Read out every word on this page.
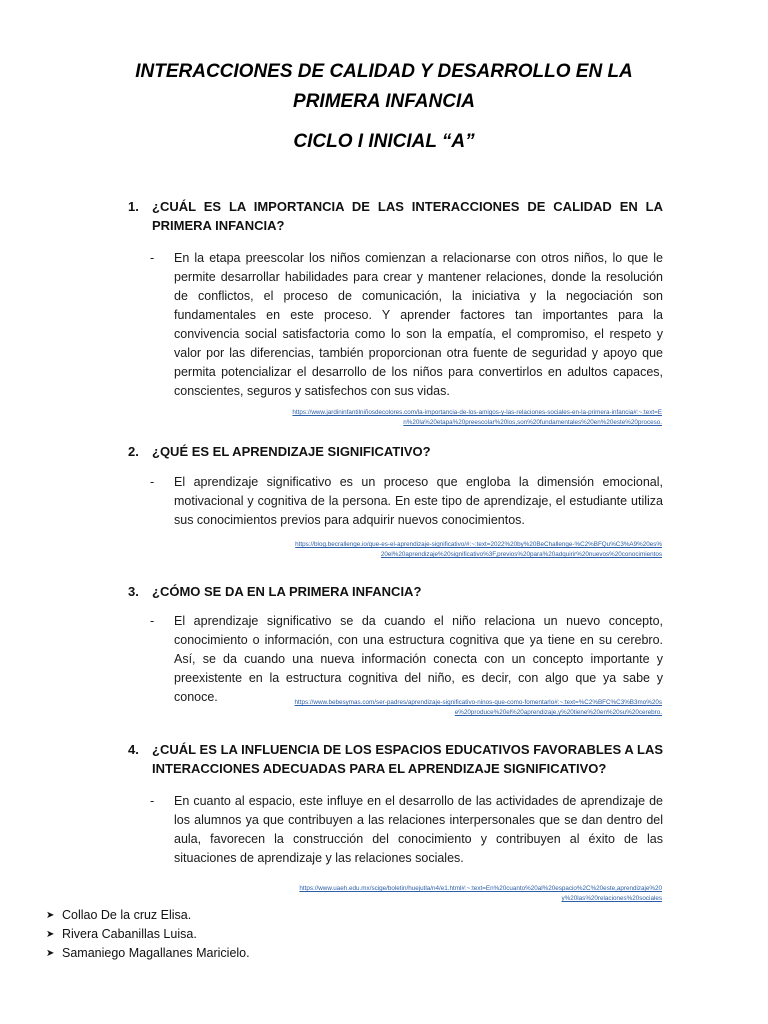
INTERACCIONES DE CALIDAD Y DESARROLLO EN LA
PRIMERA INFANCIA
CICLO I INICIAL “A”
1.	¿CUÁL ES LA IMPORTANCIA DE LAS INTERACCIONES DE CALIDAD EN LA PRIMERA INFANCIA?
-	En la etapa preescolar los niños comienzan a relacionarse con otros niños, lo que le permite desarrollar habilidades para crear y mantener relaciones, donde la resolución de conflictos, el proceso de comunicación, la iniciativa y la negociación son fundamentales en este proceso. Y aprender factores tan importantes para la convivencia social satisfactoria como lo son la empatía, el compromiso, el respeto y valor por las diferencias, también proporcionan otra fuente de seguridad y apoyo que permita potencializar el desarrollo de los niños para convertirlos en adultos capaces, conscientes, seguros y satisfechos con sus vidas.
https://www.jardininfantilniñosdecolores.com/la-importancia-de-los-amigos-y-las-relaciones-sociales-en-la-primera-infancia#:~:text=En%20la%20etapa%20preescolar%20los,son%20fundamentales%20en%20este%20proceso.
2.	¿QUÉ ES EL APRENDIZAJE SIGNIFICATIVO?
-	El aprendizaje significativo es un proceso que engloba la dimensión emocional, motivacional y cognitiva de la persona. En este tipo de aprendizaje, el estudiante utiliza sus conocimientos previos para adquirir nuevos conocimientos.
https://blog.becrallenge.io/que-es-el-aprendizaje-significativo/#:~:text=2022%20by%20BeChallenge-%C2%BFQu%C3%A9%20es%20el%20aprendizaje%20significativo%3F,previos%20para%20adquirir%20nuevos%20conocimientos
3.	¿CÓMO SE DA EN LA PRIMERA INFANCIA?
-	El aprendizaje significativo se da cuando el niño relaciona un nuevo concepto, conocimiento o información, con una estructura cognitiva que ya tiene en su cerebro. Así, se da cuando una nueva información conecta con un concepto importante y preexistente en la estructura cognitiva del niño, es decir, con algo que ya sabe y conoce.	https://www.bebesymas.com/ser-padres/aprendizaje-significativo-ninos-que-como-fomentarlo#:~:text=%C2%BFC%C3%B3mo%20se%20produce%20el%20aprendizaje,y%20tiene%20en%20su%20cerebro.
4.	¿CUÁL ES LA INFLUENCIA DE LOS ESPACIOS EDUCATIVOS FAVORABLES A LAS INTERACCIONES ADECUADAS PARA EL APRENDIZAJE SIGNIFICATIVO?
-	En cuanto al espacio, este influye en el desarrollo de las actividades de aprendizaje de los alumnos ya que contribuyen a las relaciones interpersonales que se dan dentro del aula, favorecen la construcción del conocimiento y contribuyen al éxito de las situaciones de aprendizaje y las relaciones sociales.
https://www.uaeh.edu.mx/scige/boletin/huejutla/n4/e1.html#:~:text=En%20cuanto%20al%20espacio%2C%20este,aprendizaje%20y%20las%20relaciones%20sociales
➤ Collao De la cruz Elisa.
➤ Rivera Cabanillas Luisa.
➤ Samaniego Magallanes Maricielo.
